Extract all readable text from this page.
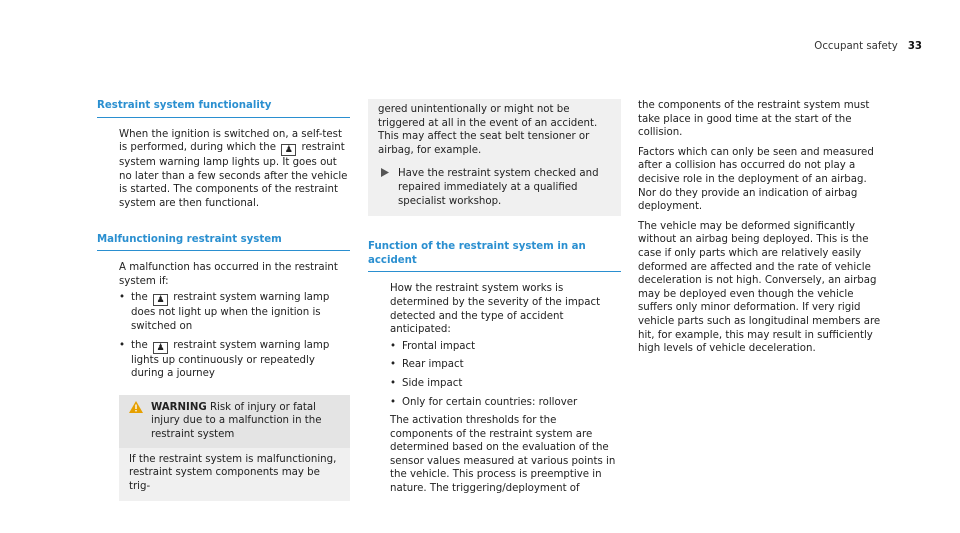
Occupant safety 33
Restraint system functionality

When the ignition is switched on, a self-test is performed, during which the ♟ restraint system warning lamp lights up. It goes out no later than a few seconds after the vehicle is started. The components of the restraint system are then functional.

Malfunctioning restraint system

A malfunction has occurred in the restraint system if:

• the ♟ restraint system warning lamp does not light up when the ignition is switched on
• the ♟ restraint system warning lamp lights up continuously or repeatedly during a journey
WARNING Risk of injury or fatal injury due to a malfunction in the restraint system
If the restraint system is malfunctioning, restraint system components may be trig-

gered unintentionally or might not be triggered at all in the event of an accident. This may affect the seat belt tensioner or airbag, for example.

Have the restraint system checked and repaired immediately at a qualified specialist workshop.
Function of the restraint system in an accident

How the restraint system works is determined by the severity of the impact detected and the type of accident anticipated:

• Frontal impact
• Rear impact
• Side impact
• Only for certain countries: rollover

The activation thresholds for the components of the restraint system are determined based on the evaluation of the sensor values measured at various points in the vehicle. This process is preemptive in nature. The triggering/deployment of

the components of the restraint system must take place in good time at the start of the collision.

Factors which can only be seen and measured after a collision has occurred do not play a decisive role in the deployment of an airbag. Nor do they provide an indication of airbag deployment.

The vehicle may be deformed significantly without an airbag being deployed. This is the case if only parts which are relatively easily deformed are affected and the rate of vehicle deceleration is not high. Conversely, an airbag may be deployed even though the vehicle suffers only minor deformation. If very rigid vehicle parts such as longitudinal members are hit, for example, this may result in sufficiently high levels of vehicle deceleration.
